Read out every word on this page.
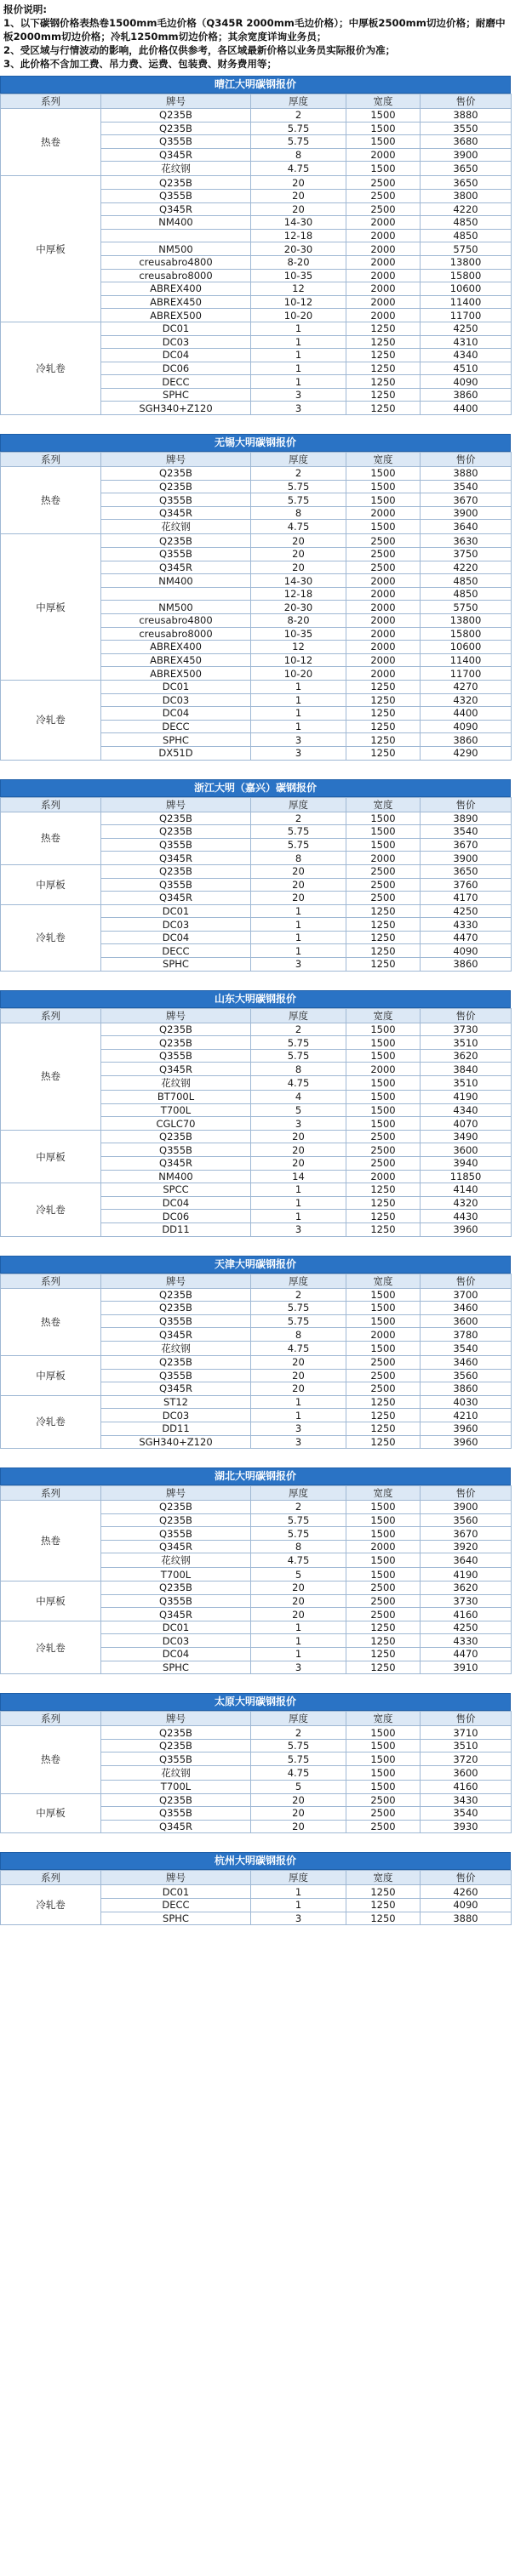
报价说明:
1、以下碳钢价格表热卷1500mm毛边价格（Q345R 2000mm毛边价格）；中厚板2500mm切边价格；耐磨中板2000mm切边价格；冷轧1250mm切边价格；其余宽度详询业务员；
2、受区域与行情波动的影响，此价格仅供参考，各区域最新价格以业务员实际报价为准；
3、此价格不含加工费、吊力费、运费、包装费、财务费用等；
晴江大明碳钢报价
系列	牌号	厚度	宽度	售价
热卷	Q235B	2	1500	3880
	Q235B	5.75	1500	3550
	Q355B	5.75	1500	3680
	Q345R	8	2000	3900
	花纹钢	4.75	1500	3650
中厚板	Q235B	20	2500	3650
	Q355B	20	2500	3800
	Q345R	20	2500	4220
	NM400	14-30	2000	4850
		12-18	2000	4850
	NM500	20-30	2000	5750
	creusabro4800	8-20	2000	13800
	creusabro8000	10-35	2000	15800
	ABREX400	12	2000	10600
	ABREX450	10-12	2000	11400
	ABREX500	10-20	2000	11700
冷轧卷	DC01	1	1250	4250
	DC03	1	1250	4310
	DC04	1	1250	4340
	DC06	1	1250	4510
	DECC	1	1250	4090
	SPHC	3	1250	3860
	SGH340+Z120	3	1250	4400
无锡大明碳钢报价
系列	牌号	厚度	宽度	售价
热卷	Q235B	2	1500	3880
	Q235B	5.75	1500	3540
	Q355B	5.75	1500	3670
	Q345R	8	2000	3900
	花纹钢	4.75	1500	3640
中厚板	Q235B	20	2500	3630
	Q355B	20	2500	3750
	Q345R	20	2500	4220
	NM400	14-30	2000	4850
		12-18	2000	4850
	NM500	20-30	2000	5750
	creusabro4800	8-20	2000	13800
	creusabro8000	10-35	2000	15800
	ABREX400	12	2000	10600
	ABREX450	10-12	2000	11400
	ABREX500	10-20	2000	11700
冷轧卷	DC01	1	1250	4270
	DC03	1	1250	4320
	DC04	1	1250	4400
	DECC	1	1250	4090
	SPHC	3	1250	3860
	DX51D	3	1250	4290
浙江大明（嘉兴）碳钢报价
系列	牌号	厚度	宽度	售价
热卷	Q235B	2	1500	3890
	Q235B	5.75	1500	3540
	Q355B	5.75	1500	3670
	Q345R	8	2000	3900
中厚板	Q235B	20	2500	3650
	Q355B	20	2500	3760
	Q345R	20	2500	4170
冷轧卷	DC01	1	1250	4250
	DC03	1	1250	4330
	DC04	1	1250	4470
	DECC	1	1250	4090
	SPHC	3	1250	3860
山东大明碳钢报价
系列	牌号	厚度	宽度	售价
热卷	Q235B	2	1500	3730
	Q235B	5.75	1500	3510
	Q355B	5.75	1500	3620
	Q345R	8	2000	3840
	花纹钢	4.75	1500	3510
	BT700L	4	1500	4190
	T700L	5	1500	4340
	CGLC70	3	1500	4070
中厚板	Q235B	20	2500	3490
	Q355B	20	2500	3600
	Q345R	20	2500	3940
	NM400	14	2000	11850
冷轧卷	SPCC	1	1250	4140
	DC04	1	1250	4320
	DC06	1	1250	4430
	DD11	3	1250	3960
天津大明碳钢报价
系列	牌号	厚度	宽度	售价
热卷	Q235B	2	1500	3700
	Q235B	5.75	1500	3460
	Q355B	5.75	1500	3600
	Q345R	8	2000	3780
	花纹钢	4.75	1500	3540
中厚板	Q235B	20	2500	3460
	Q355B	20	2500	3560
	Q345R	20	2500	3860
冷轧卷	ST12	1	1250	4030
	DC03	1	1250	4210
	DD11	3	1250	3960
	SGH340+Z120	3	1250	3960
湖北大明碳钢报价
系列	牌号	厚度	宽度	售价
热卷	Q235B	2	1500	3900
	Q235B	5.75	1500	3560
	Q355B	5.75	1500	3670
	Q345R	8	2000	3920
	花纹钢	4.75	1500	3640
	T700L	5	1500	4190
中厚板	Q235B	20	2500	3620
	Q355B	20	2500	3730
	Q345R	20	2500	4160
冷轧卷	DC01	1	1250	4250
	DC03	1	1250	4330
	DC04	1	1250	4470
	SPHC	3	1250	3910
太原大明碳钢报价
系列	牌号	厚度	宽度	售价
热卷	Q235B	2	1500	3710
	Q235B	5.75	1500	3510
	Q355B	5.75	1500	3720
	花纹钢	4.75	1500	3600
	T700L	5	1500	4160
中厚板	Q235B	20	2500	3430
	Q355B	20	2500	3540
	Q345R	20	2500	3930
杭州大明碳钢报价
系列	牌号	厚度	宽度	售价
冷轧卷	DC01	1	1250	4260
	DECC	1	1250	4090
	SPHC	3	1250	3880
